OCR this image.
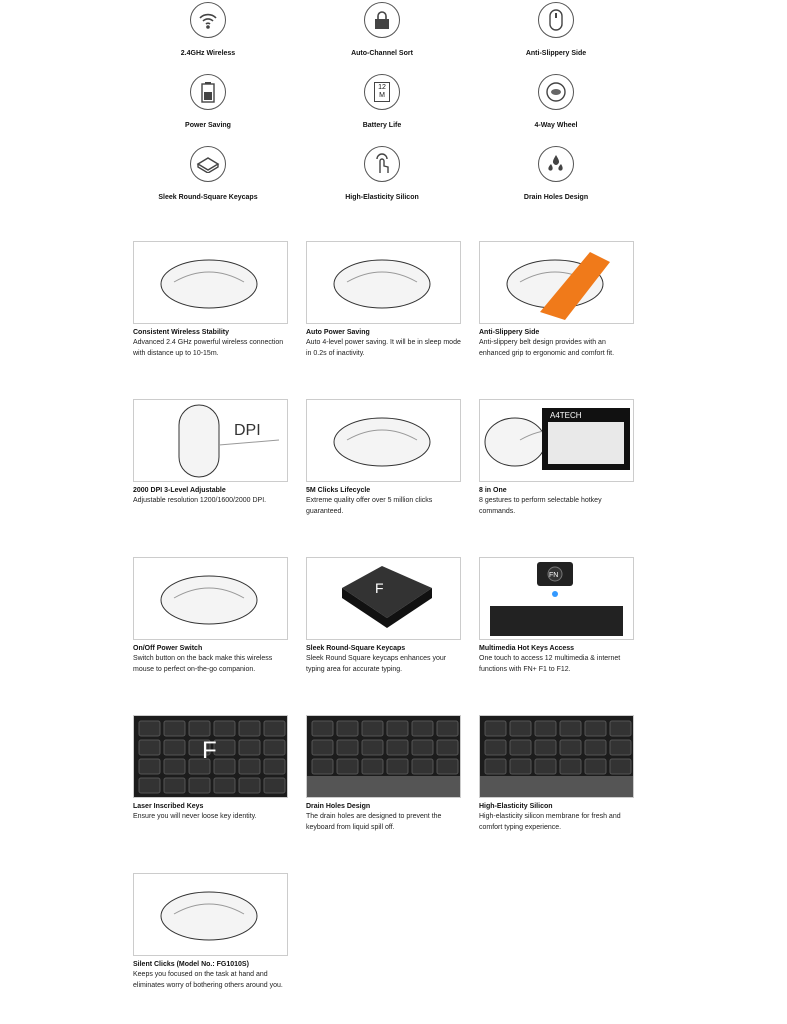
2.4GHz Wireless	Auto-Channel Sort	Anti-Slippery Side
Power Saving
12 M
Battery Life	4-Way Wheel
Sleek Round-Square Keycaps	High-Elasticity Silicon	Drain Holes Design
Consistent Wireless Stability
Advanced 2.4 GHz powerful wireless connection with distance up to 10-15m.
Auto Power Saving
Auto 4-level power saving. It will be in sleep mode in 0.2s of inactivity.
Anti-Slippery Side
Anti-slippery belt design provides with an enhanced grip to ergonomic and comfort fit.
DPI
2000 DPI 3-Level Adjustable
Adjustable resolution 1200/1600/2000 DPI.
5M Clicks Lifecycle
Extreme quality offer over 5 million clicks guaranteed.
A4TECH
8 in One
8 gestures to perform selectable hotkey commands.
On/Off Power Switch
Switch button on the back make this wireless mouse to perfect on-the-go companion.
F
Sleek Round-Square Keycaps
Sleek Round Square keycaps enhances your typing area for accurate typing.
FN
Multimedia Hot Keys Access
One touch to access 12 multimedia & internet functions with FN+ F1 to F12.
F
Laser Inscribed Keys
Ensure you will never loose key identity.
Drain Holes Design
The drain holes are designed to prevent the keyboard from liquid spill off.
High-Elasticity Silicon
High-elasticity silicon membrane for fresh and comfort typing experience.
Silent Clicks (Model No.: FG1010S)
Keeps you focused on the task at hand and eliminates worry of bothering others around you.
